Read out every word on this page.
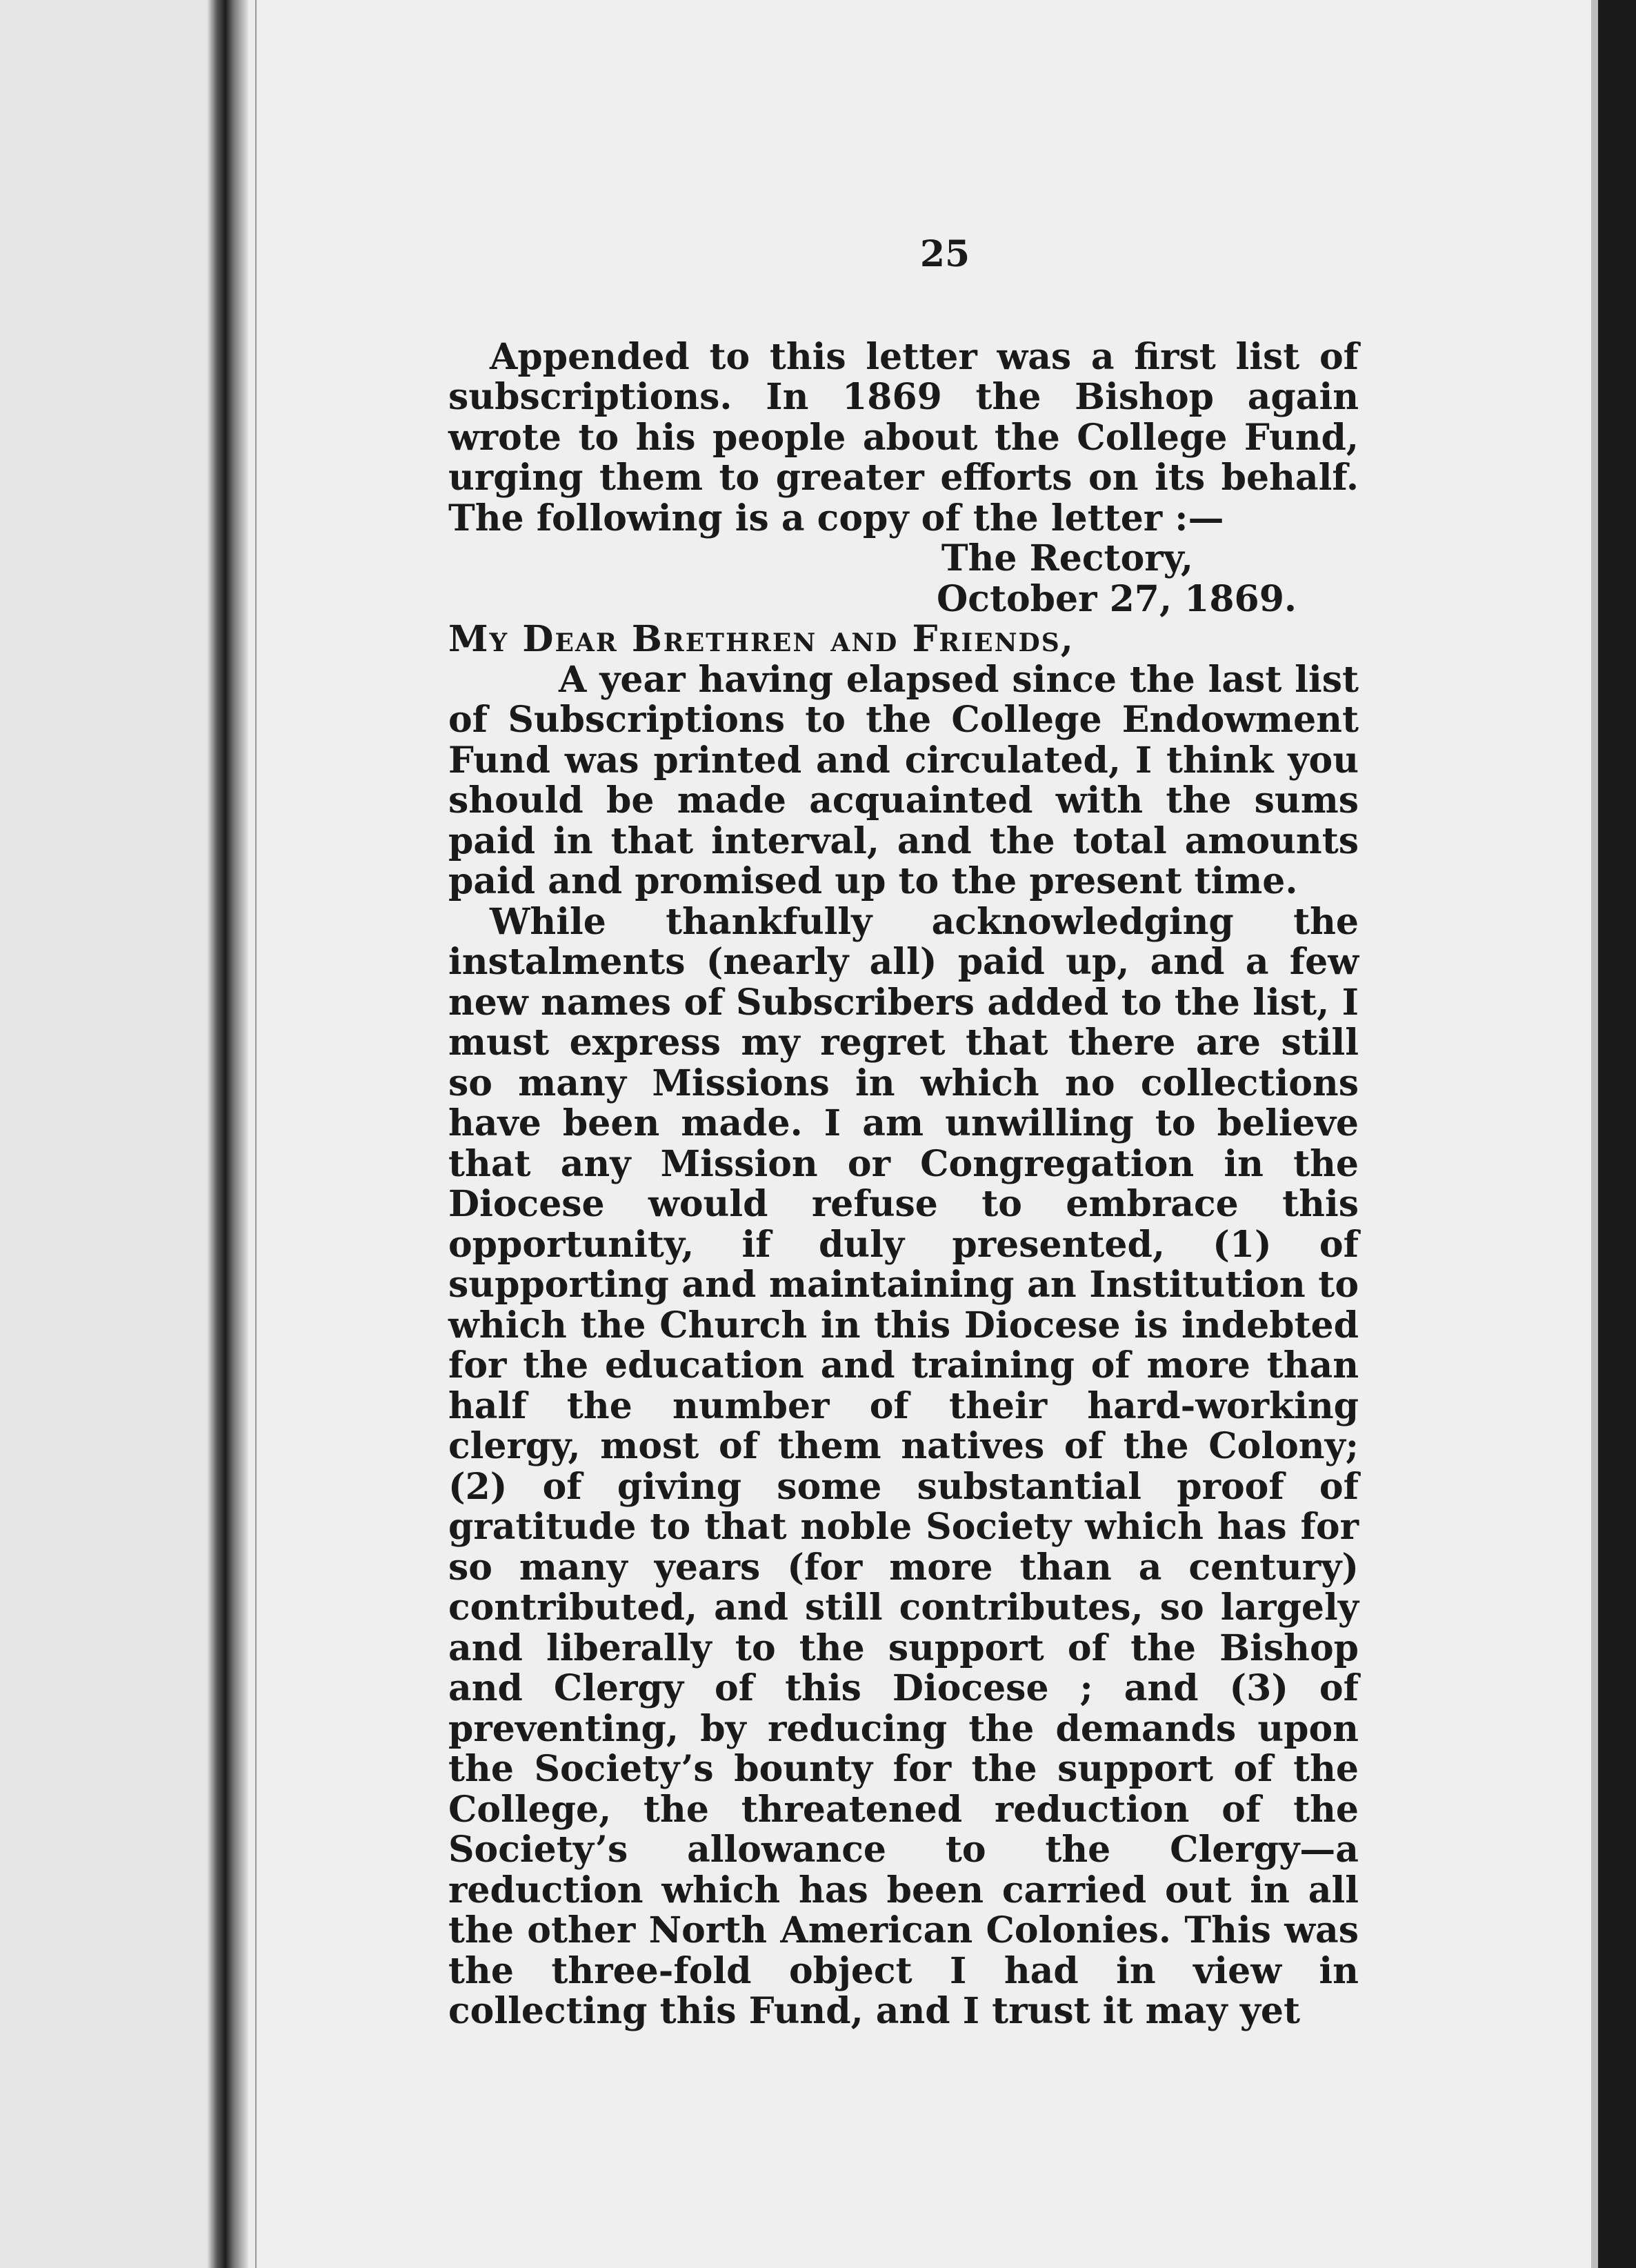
25

Appended to this letter was a first list of subscriptions. In 1869 the Bishop again wrote to his people about the College Fund, urging them to greater efforts on its behalf. The following is a copy of the letter :—

The Rectory,

October 27, 1869.

My Dear Brethren and Friends,

A year having elapsed since the last list of Subscriptions to the College Endowment Fund was printed and circulated, I think you should be made acquainted with the sums paid in that interval, and the total amounts paid and promised up to the present time.

While thankfully acknowledging the instalments (nearly all) paid up, and a few new names of Subscribers added to the list, I must express my regret that there are still so many Missions in which no collections have been made. I am unwilling to believe that any Mission or Congregation in the Diocese would refuse to embrace this opportunity, if duly presented, (1) of supporting and maintaining an Institution to which the Church in this Diocese is indebted for the education and training of more than half the number of their hard-working clergy, most of them natives of the Colony; (2) of giving some substantial proof of gratitude to that noble Society which has for so many years (for more than a century) contributed, and still contributes, so largely and liberally to the support of the Bishop and Clergy of this Diocese ; and (3) of preventing, by reducing the demands upon the Society’s bounty for the support of the College, the threatened reduction of the Society’s allowance to the Clergy—a reduction which has been carried out in all the other North American Colonies. This was the three-fold object I had in view in collecting this Fund, and I trust it may yet
